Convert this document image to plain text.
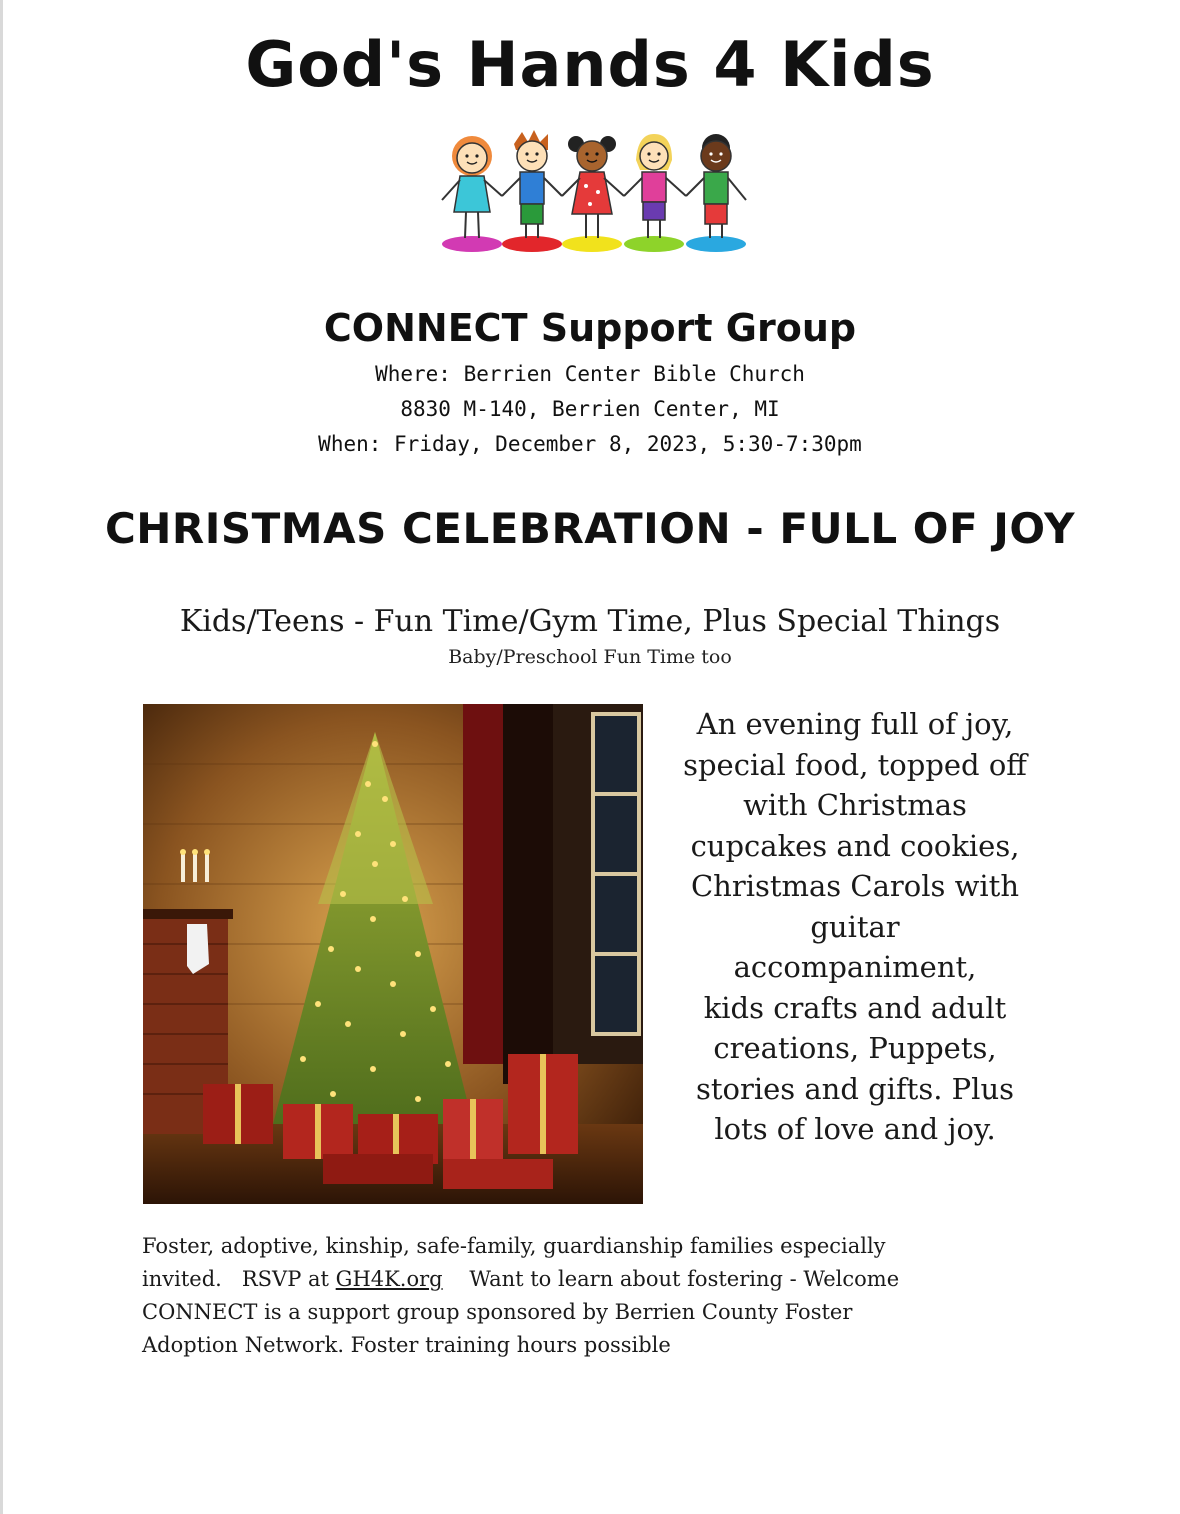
God's Hands 4 Kids
CONNECT Support Group
Where: Berrien Center Bible Church
8830 M-140, Berrien Center, MI
When: Friday, December 8, 2023, 5:30-7:30pm
CHRISTMAS CELEBRATION - FULL OF JOY
Kids/Teens - Fun Time/Gym Time, Plus Special Things
Baby/Preschool Fun Time too
An evening full of joy,
special food, topped off
with Christmas
cupcakes and cookies,
Christmas Carols with
guitar
accompaniment,
kids crafts and adult
creations, Puppets,
stories and gifts. Plus
lots of love and joy.
Foster, adoptive, kinship, safe-family, guardianship families especially
invited. RSVP at GH4K.org Want to learn about fostering - Welcome
CONNECT is a support group sponsored by Berrien County Foster
Adoption Network. Foster training hours possible
